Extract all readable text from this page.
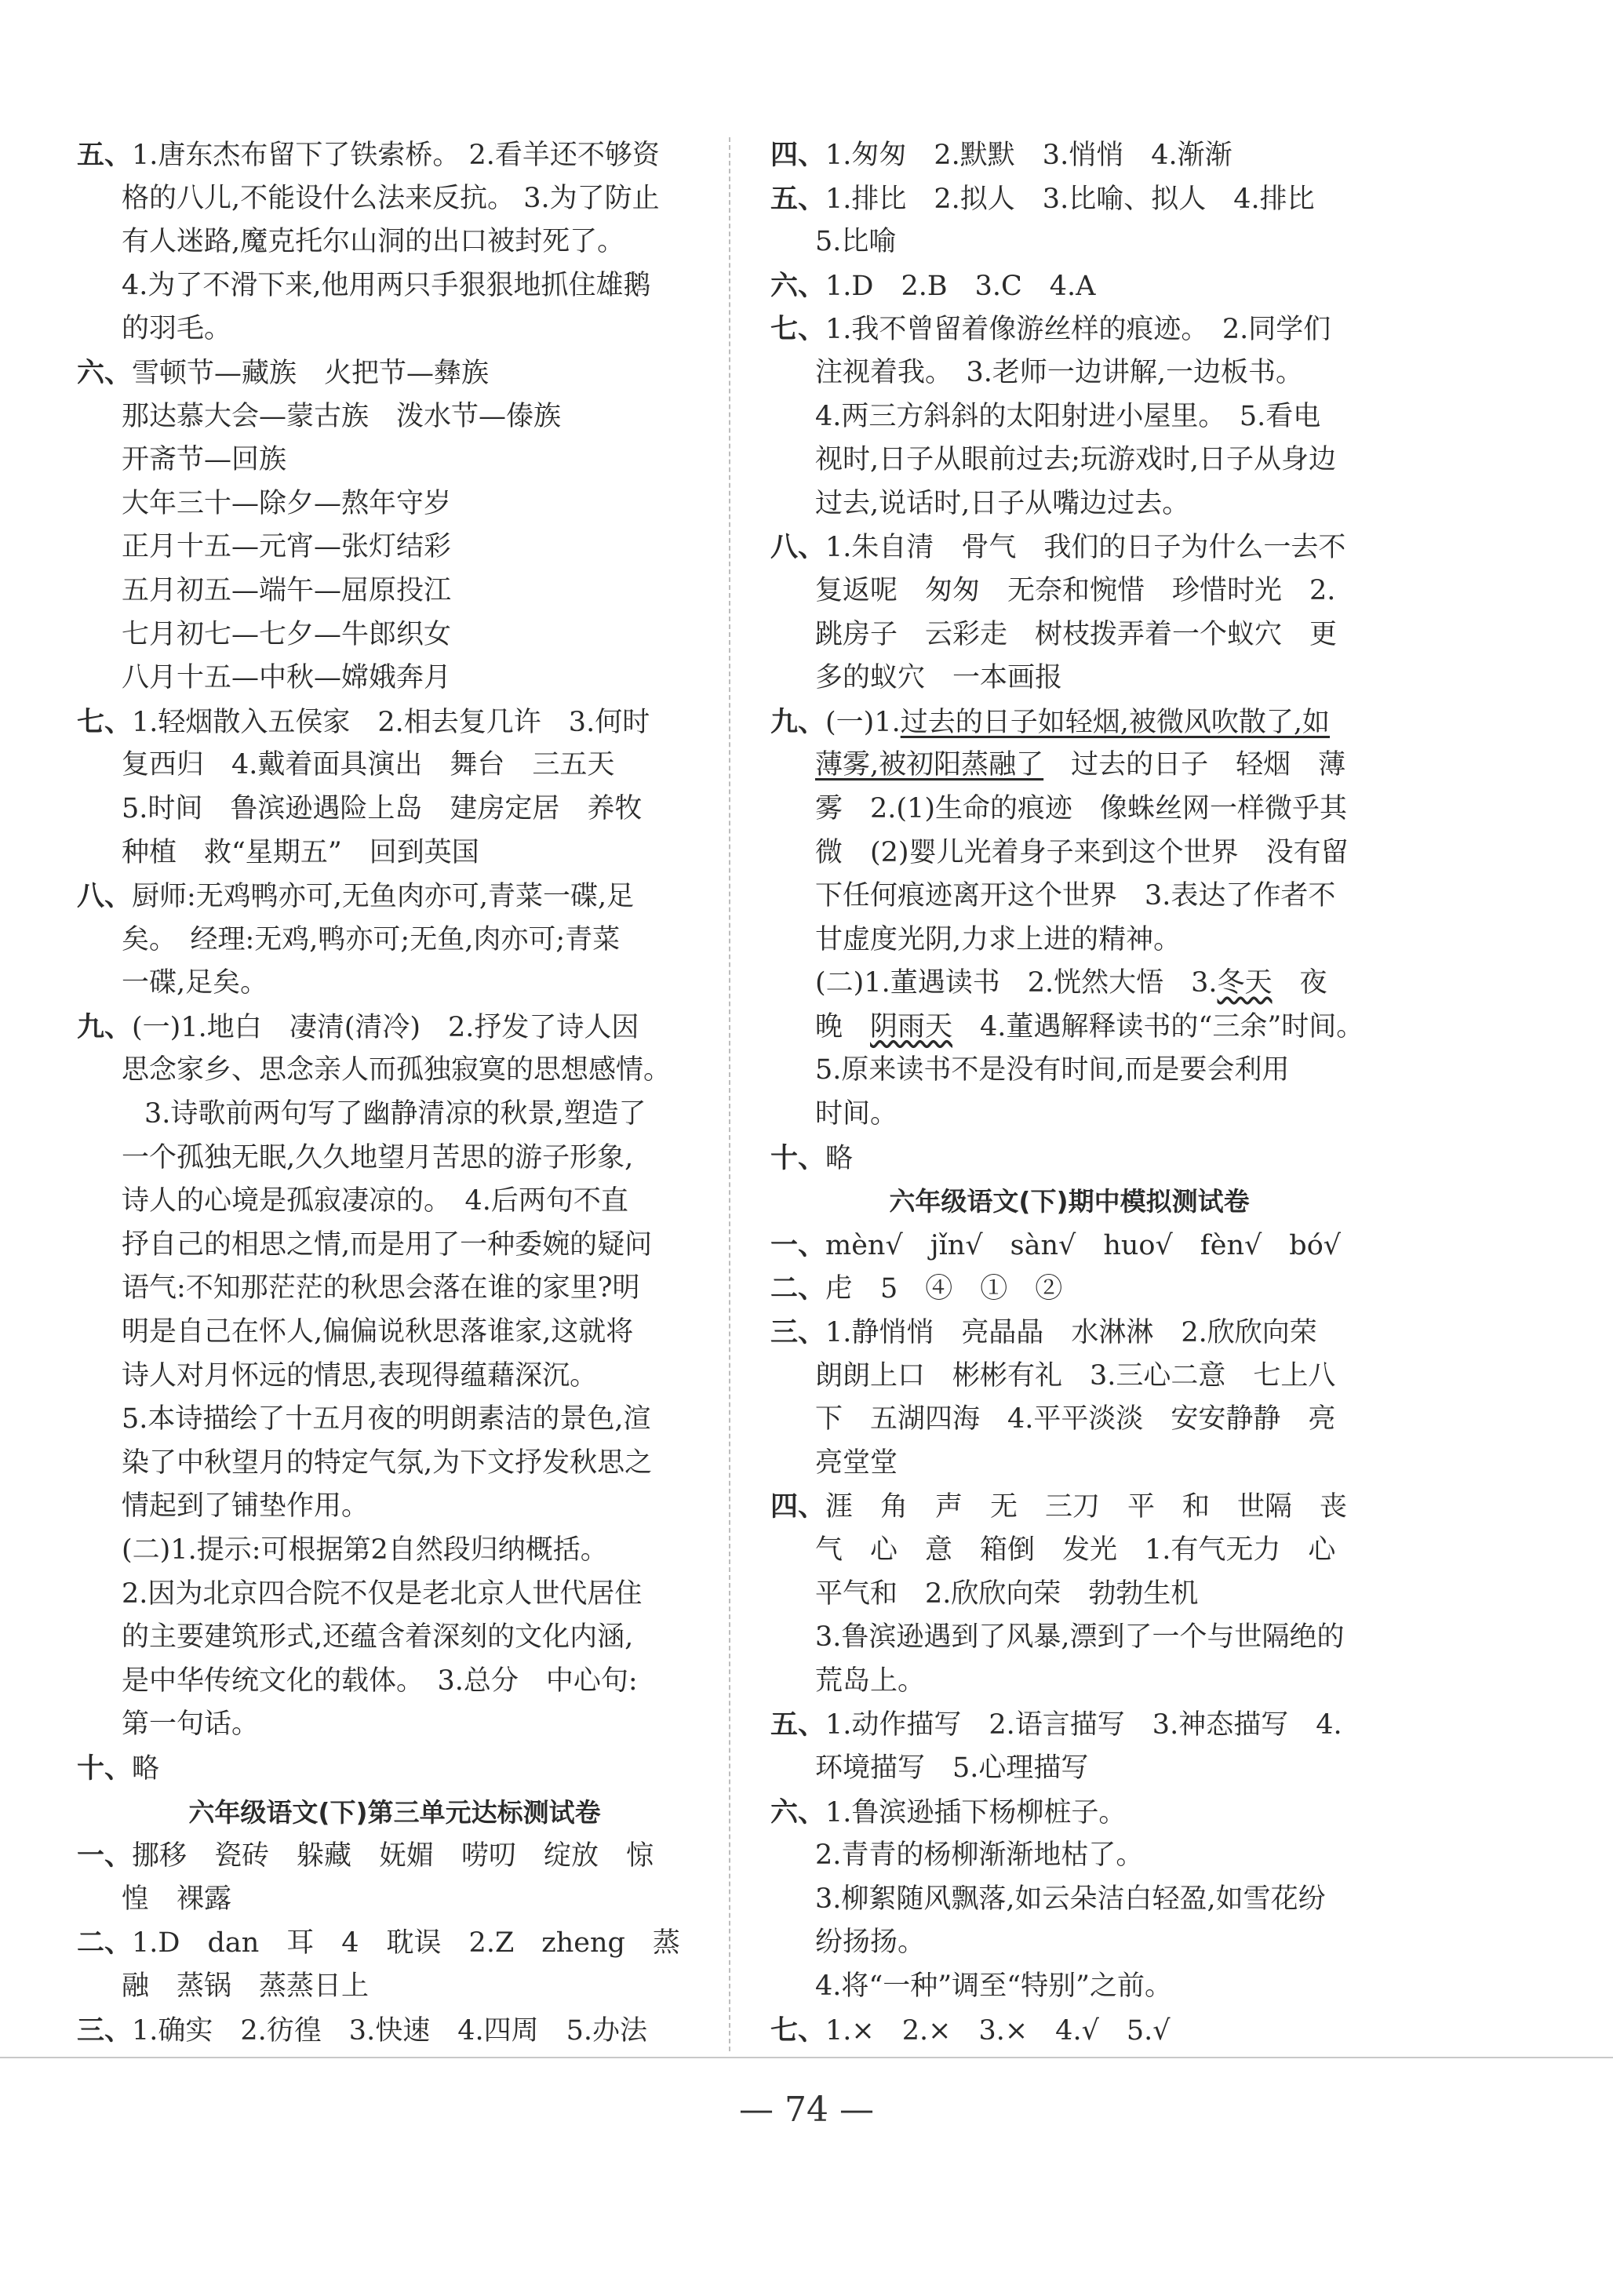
五、1.唐东杰布留下了铁索桥。 2.看羊还不够资
格的八儿,不能设什么法来反抗。 3.为了防止
有人迷路,魔克托尔山洞的出口被封死了。
4.为了不滑下来,他用两只手狠狠地抓住雄鹅
的羽毛。
六、雪顿节—藏族　火把节—彝族
那达慕大会—蒙古族　泼水节—傣族
开斋节—回族
大年三十—除夕—熬年守岁
正月十五—元宵—张灯结彩
五月初五—端午—屈原投江
七月初七—七夕—牛郎织女
八月十五—中秋—嫦娥奔月
七、1.轻烟散入五侯家　2.相去复几许　3.何时
复西归　4.戴着面具演出　舞台　三五天
5.时间　鲁滨逊遇险上岛　建房定居　养牧
种植　救“星期五”　回到英国
八、厨师:无鸡鸭亦可,无鱼肉亦可,青菜一碟,足
矣。　经理:无鸡,鸭亦可;无鱼,肉亦可;青菜
一碟,足矣。
九、(一)1.地白　凄清(清冷)　2.抒发了诗人因
思念家乡、思念亲人而孤独寂寞的思想感情。
3.诗歌前两句写了幽静清凉的秋景,塑造了
一个孤独无眠,久久地望月苦思的游子形象,
诗人的心境是孤寂凄凉的。　4.后两句不直
抒自己的相思之情,而是用了一种委婉的疑问
语气:不知那茫茫的秋思会落在谁的家里?明
明是自己在怀人,偏偏说秋思落谁家,这就将
诗人对月怀远的情思,表现得蕴藉深沉。
5.本诗描绘了十五月夜的明朗素洁的景色,渲
染了中秋望月的特定气氛,为下文抒发秋思之
情起到了铺垫作用。
(二)1.提示:可根据第2自然段归纳概括。
2.因为北京四合院不仅是老北京人世代居住
的主要建筑形式,还蕴含着深刻的文化内涵,
是中华传统文化的载体。　3.总分　中心句:
第一句话。
十、略
六年级语文(下)第三单元达标测试卷
一、挪移　瓷砖　躲藏　妩媚　唠叨　绽放　惊
惶　裸露
二、1.D　dan　耳　4　耽误　2.Z　zheng　蒸
融　蒸锅　蒸蒸日上
三、1.确实　2.彷徨　3.快速　4.四周　5.办法
四、1.匆匆　2.默默　3.悄悄　4.渐渐
五、1.排比　2.拟人　3.比喻、拟人　4.排比
5.比喻
六、1.D　2.B　3.C　4.A
七、1.我不曾留着像游丝样的痕迹。　2.同学们
注视着我。　3.老师一边讲解,一边板书。
4.两三方斜斜的太阳射进小屋里。　5.看电
视时,日子从眼前过去;玩游戏时,日子从身边
过去,说话时,日子从嘴边过去。
八、1.朱自清　骨气　我们的日子为什么一去不
复返呢　匆匆　无奈和惋惜　珍惜时光　2.
跳房子　云彩走　树枝拨弄着一个蚁穴　更
多的蚁穴　一本画报
九、(一)1.过去的日子如轻烟,被微风吹散了,如
薄雾,被初阳蒸融了　过去的日子　轻烟　薄
雾　2.(1)生命的痕迹　像蛛丝网一样微乎其
微　(2)婴儿光着身子来到这个世界　没有留
下任何痕迹离开这个世界　3.表达了作者不
甘虚度光阴,力求上进的精神。
(二)1.董遇读书　2.恍然大悟　3.冬天　夜
晚　阴雨天　4.董遇解释读书的“三余”时间。
5.原来读书不是没有时间,而是要会利用
时间。
十、略
六年级语文(下)期中模拟测试卷
一、mèn√　jǐn√　sàn√　huo√　fèn√　bó√
二、虍　5　④　①　②
三、1.静悄悄　亮晶晶　水淋淋　2.欣欣向荣
朗朗上口　彬彬有礼　3.三心二意　七上八
下　五湖四海　4.平平淡淡　安安静静　亮
亮堂堂
四、涯　角　声　无　三刀　平　和　世隔　丧
气　心　意　箱倒　发光　1.有气无力　心
平气和　2.欣欣向荣　勃勃生机
3.鲁滨逊遇到了风暴,漂到了一个与世隔绝的
荒岛上。
五、1.动作描写　2.语言描写　3.神态描写　4.
环境描写　5.心理描写
六、1.鲁滨逊插下杨柳桩子。
2.青青的杨柳渐渐地枯了。
3.柳絮随风飘落,如云朵洁白轻盈,如雪花纷
纷扬扬。
4.将“一种”调至“特别”之前。
七、1.×　2.×　3.×　4.√　5.√
— 74 —
